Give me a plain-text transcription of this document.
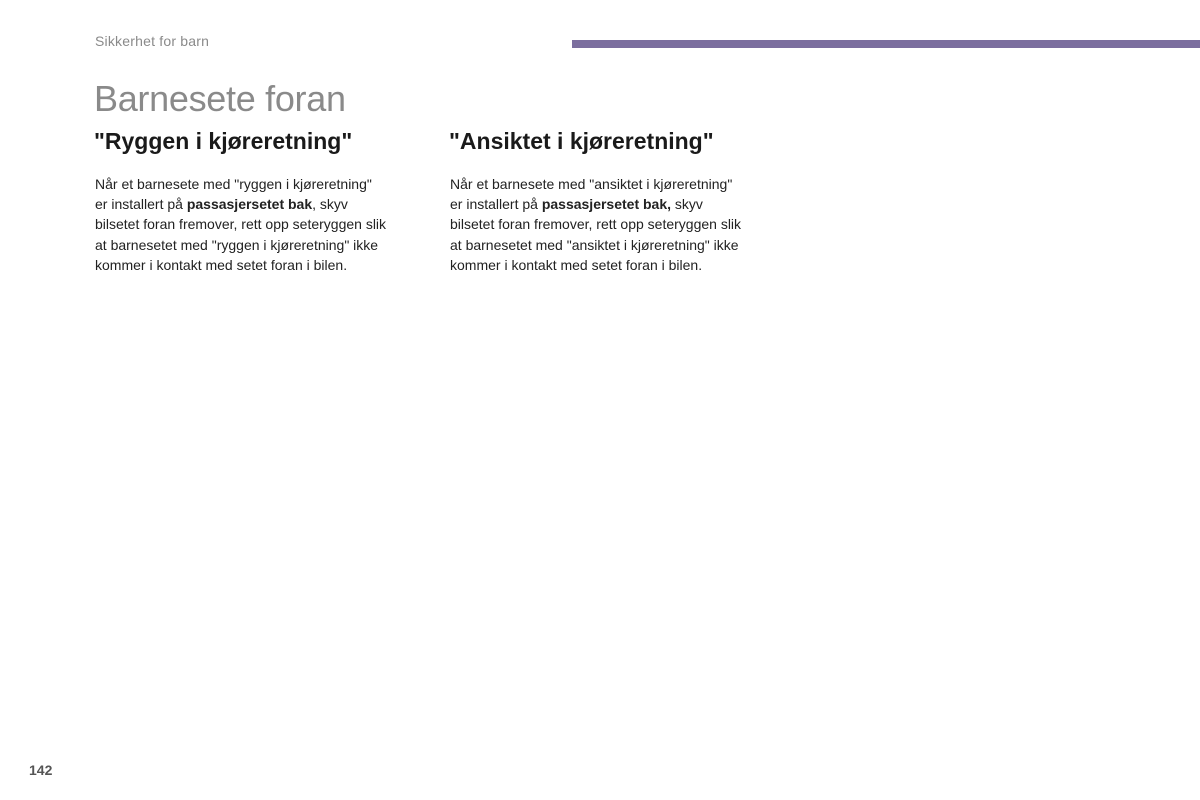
Sikkerhet for barn
Barnesete foran
"Ryggen i kjøreretning"

Når et barnesete med "ryggen i kjøreretning"
er installert på passasjersetet bak, skyv
bilsetet foran fremover, rett opp seteryggen slik
at barnesetet med "ryggen i kjøreretning" ikke
kommer i kontakt med setet foran i bilen.

"Ansiktet i kjøreretning"

Når et barnesete med "ansiktet i kjøreretning"
er installert på passasjersetet bak, skyv
bilsetet foran fremover, rett opp seteryggen slik
at barnesetet med "ansiktet i kjøreretning" ikke
kommer i kontakt med setet foran i bilen.

142
